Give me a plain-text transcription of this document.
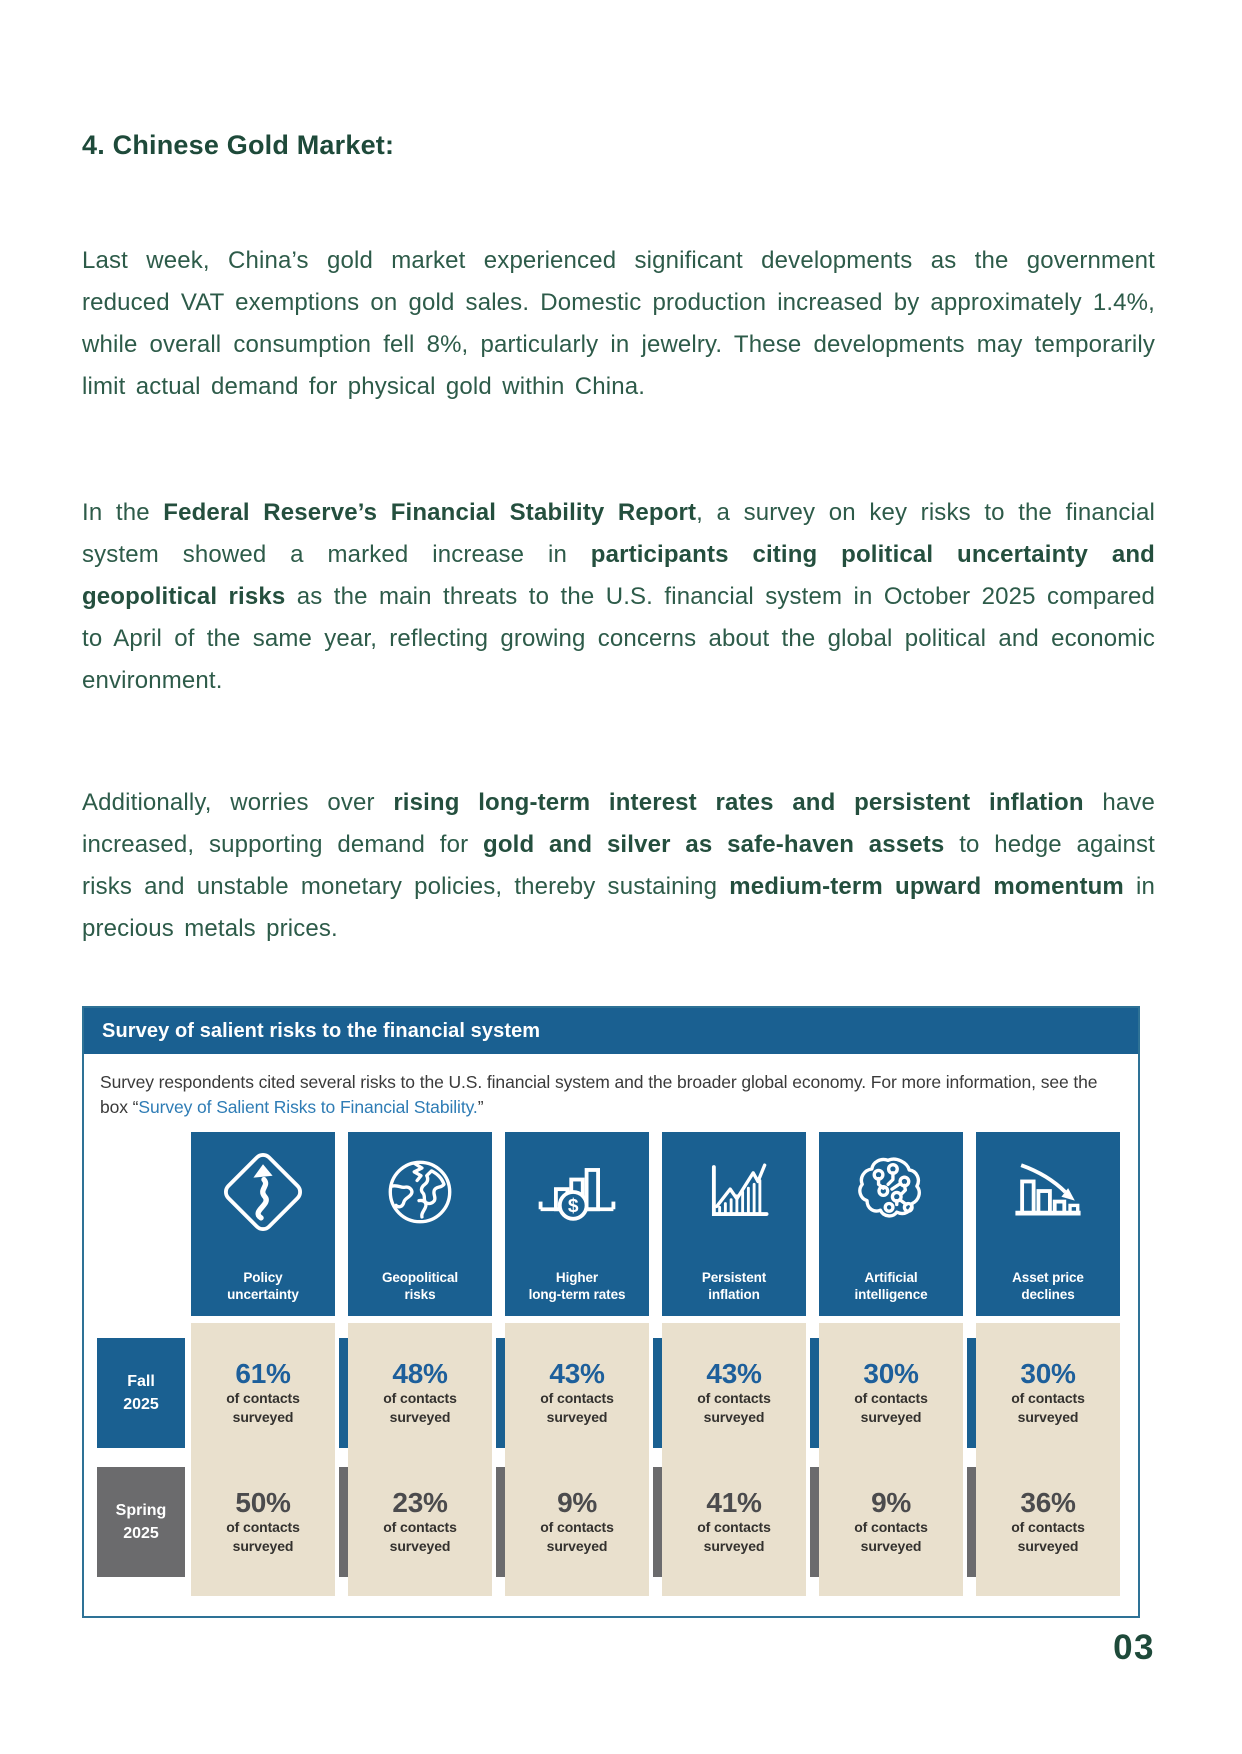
4. Chinese Gold Market:

Last week, China’s gold market experienced significant developments as the government reduced VAT exemptions on gold sales. Domestic production increased by approximately 1.4%, while overall consumption fell 8%, particularly in jewelry. These developments may temporarily limit actual demand for physical gold within China.

In the Federal Reserve’s Financial Stability Report, a survey on key risks to the financial system showed a marked increase in participants citing political uncertainty and geopolitical risks as the main threats to the U.S. financial system in October 2025 compared to April of the same year, reflecting growing concerns about the global political and economic environment.

Additionally, worries over rising long-term interest rates and persistent inflation have increased, supporting demand for gold and silver as safe-haven assets to hedge against risks and unstable monetary policies, thereby sustaining medium-term upward momentum in precious metals prices.

Survey of salient risks to the financial system
Survey respondents cited several risks to the U.S. financial system and the broader global economy. For more information, see the box “Survey of Salient Risks to Financial Stability.”
Policy
uncertainty
Geopolitical
risks
$
Higher
long-term rates
Persistent
inflation
Artificial
intelligence
Asset price
declines
Fall
2025
Spring
2025
61%
of contacts
surveyed
50%
of contacts
surveyed
48%
of contacts
surveyed
23%
of contacts
surveyed
43%
of contacts
surveyed
9%
of contacts
surveyed
43%
of contacts
surveyed
41%
of contacts
surveyed
30%
of contacts
surveyed
9%
of contacts
surveyed
30%
of contacts
surveyed
36%
of contacts
surveyed
03
